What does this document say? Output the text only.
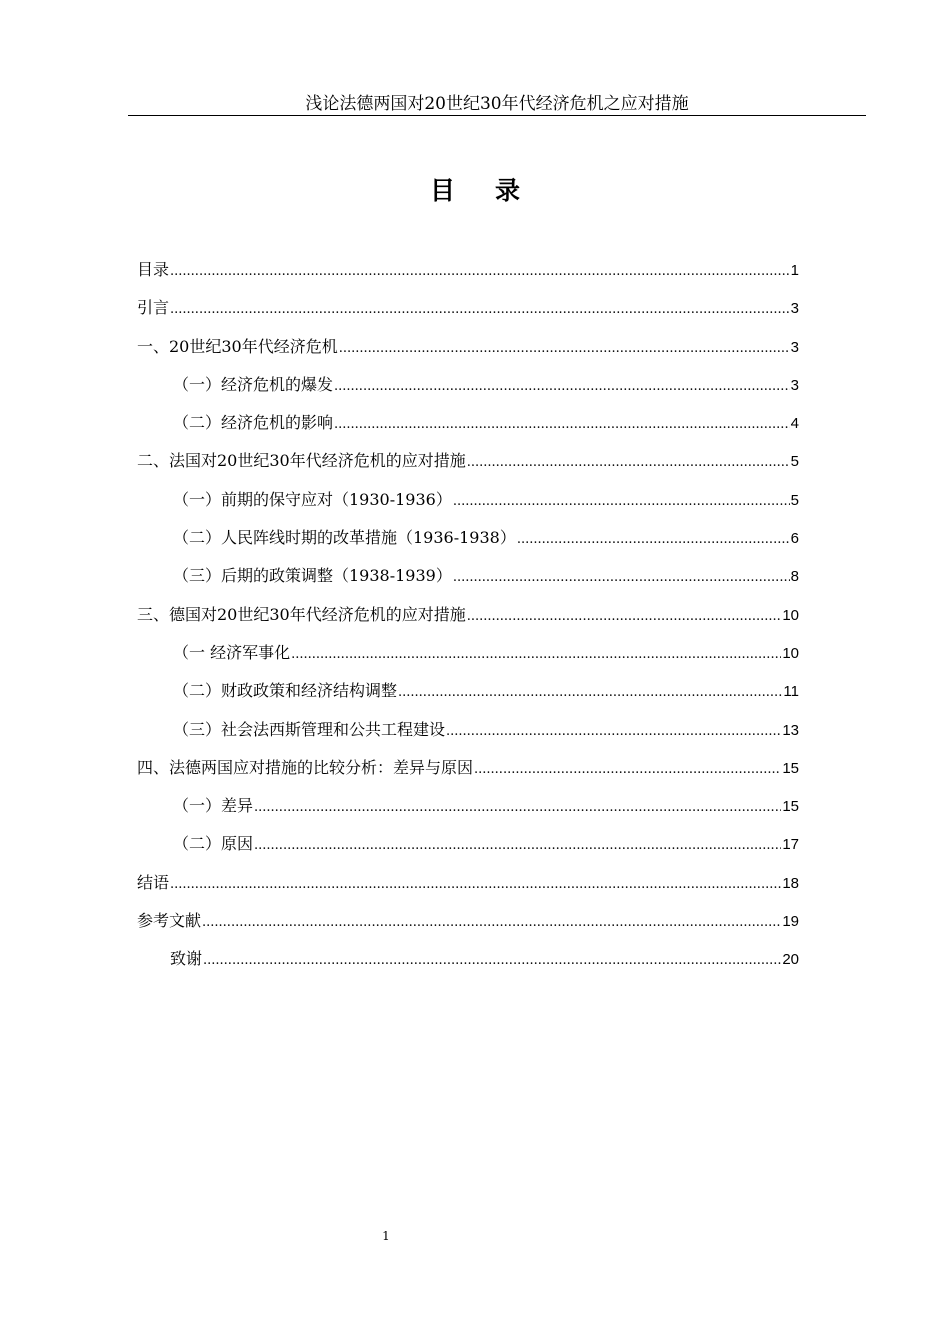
浅论法德两国对20世纪30年代经济危机之应对措施
目录
目录 .....	1
引言 .....	3
一、20世纪30年代经济危机 .....	3
（一）经济危机的爆发 .....	3
（二）经济危机的影响 .....	4
二、法国对20世纪30年代经济危机的应对措施 .....	5
（一）前期的保守应对（1930-1936） .....	5
（二）人民阵线时期的改革措施（1936-1938） .....	6
（三）后期的政策调整（1938-1939） .....	8
三、德国对20世纪30年代经济危机的应对措施 .....	10
（一 经济军事化 .....	10
（二）财政政策和经济结构调整 .....	11
（三）社会法西斯管理和公共工程建设 .....	13
四、法德两国应对措施的比较分析：差异与原因 .....	15
（一）差异 .....	15
（二）原因 .....	17
结语 .....	18
参考文献 .....	19
致谢 .....	20
1
